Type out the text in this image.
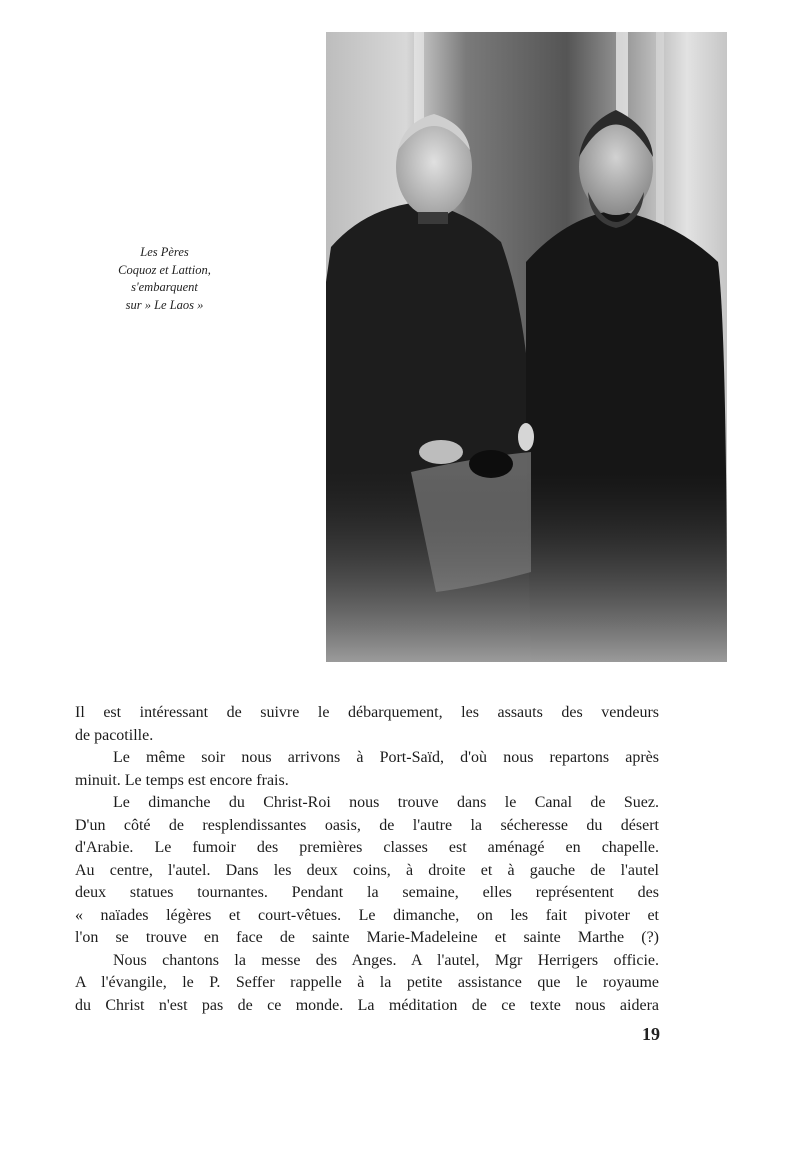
Les Pères
Coquoz et Lattion,
s'embarquent
sur » Le Laos »

Il est intéressant de suivre le débarquement, les assauts des vendeurs
de pacotille.

Le même soir nous arrivons à Port-Saïd, d'où nous repartons après
minuit. Le temps est encore frais.

Le dimanche du Christ-Roi nous trouve dans le Canal de Suez.
D'un côté de resplendissantes oasis, de l'autre la sécheresse du désert
d'Arabie. Le fumoir des premières classes est aménagé en chapelle.
Au centre, l'autel. Dans les deux coins, à droite et à gauche de l'autel
deux statues tournantes. Pendant la semaine, elles représentent des
« naïades légères et court-vêtues. Le dimanche, on les fait pivoter et
l'on se trouve en face de sainte Marie-Madeleine et sainte Marthe (?)

Nous chantons la messe des Anges. A l'autel, Mgr Herrigers officie.
A l'évangile, le P. Seffer rappelle à la petite assistance que le royaume
du Christ n'est pas de ce monde. La méditation de ce texte nous aidera

19
